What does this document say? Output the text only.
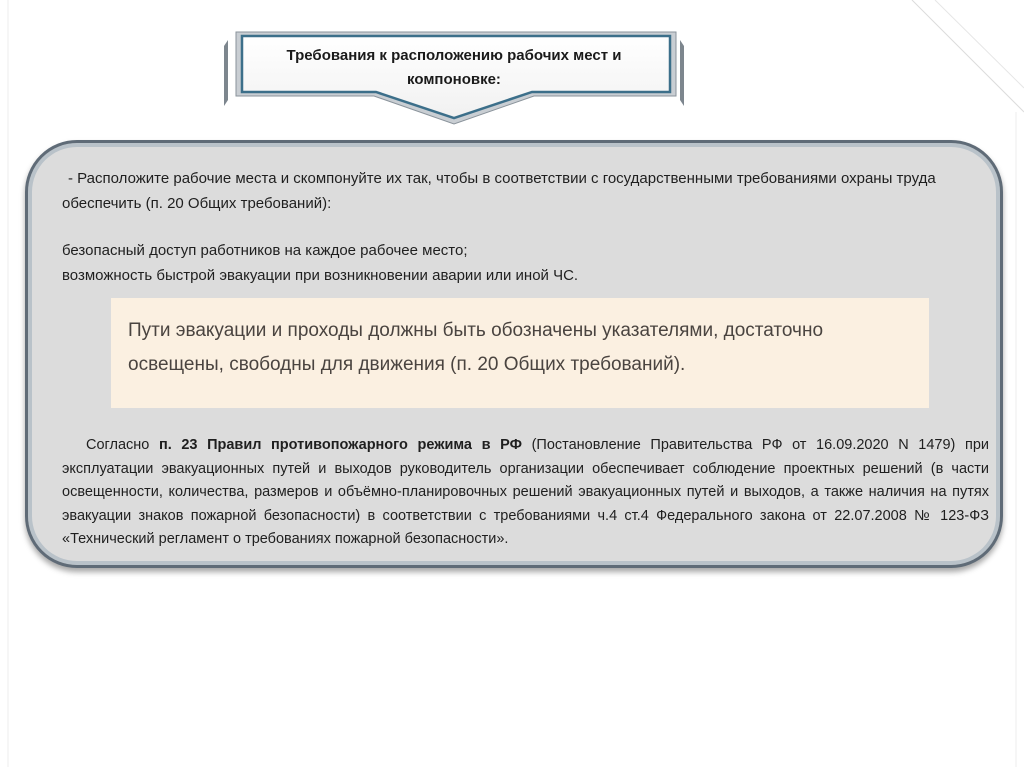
Требования к расположению рабочих мест и компоновке:

- Расположите рабочие места и скомпонуйте их так, чтобы в соответствии с государственными требованиями охраны труда обеспечить (п. 20 Общих требований):

безопасный доступ работников на каждое рабочее место;

возможность быстрой эвакуации при возникновении аварии или иной ЧС.

Пути эвакуации и проходы должны быть обозначены указателями, достаточно освещены, свободны для движения (п. 20 Общих требований).
Согласно п. 23 Правил противопожарного режима в РФ (Постановление Правительства РФ от 16.09.2020 N 1479) при эксплуатации эвакуационных путей и выходов руководитель организации обеспечивает соблюдение проектных решений (в части освещенности, количества, размеров и объёмно-планировочных решений эвакуационных путей и выходов, а также наличия на путях эвакуации знаков пожарной безопасности) в соответствии с требованиями ч.4 ст.4 Федерального закона от 22.07.2008 № 123-ФЗ «Технический регламент о требованиях пожарной безопасности».
